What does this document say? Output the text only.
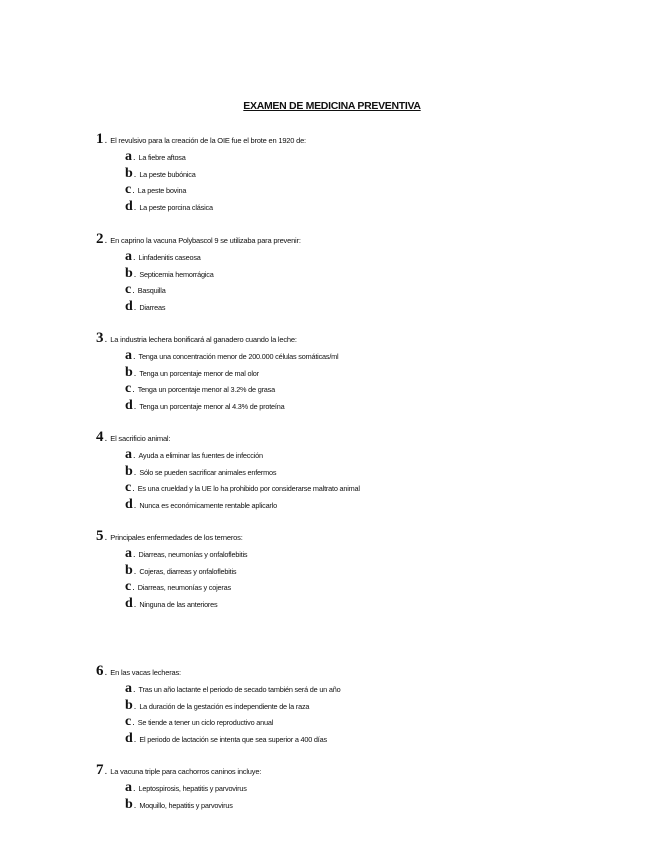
EXAMEN DE MEDICINA PREVENTIVA
1 . El revulsivo para la creación de la OIE fue el brote en 1920 de:
a . La fiebre aftosa
b . La peste bubónica
c . La peste bovina
d . La peste porcina clásica
2 . En caprino la vacuna Polybascol 9 se utilizaba para prevenir:
a . Linfadenitis caseosa
b . Septicemia hemorrágica
c . Basquilla
d . Diarreas
3 . La industria lechera bonificará al ganadero cuando la leche:
a . Tenga una concentración menor de 200.000 células somáticas/ml
b . Tenga un porcentaje menor de mal olor
c . Tenga un porcentaje menor al 3.2% de grasa
d . Tenga un porcentaje menor al 4.3% de proteína
4 . El sacrificio animal:
a . Ayuda a eliminar las fuentes de infección
b . Sólo se pueden sacrificar animales enfermos
c . Es una crueldad y la UE lo ha prohibido por considerarse maltrato animal
d . Nunca es económicamente rentable aplicarlo
5 . Principales enfermedades de los terneros:
a . Diarreas, neumonías y onfaloflebitis
b . Cojeras, diarreas y onfaloflebitis
c . Diarreas, neumonías y cojeras
d . Ninguna de las anteriores
6 . En las vacas lecheras:
a . Tras un año lactante el periodo de secado también será de un año
b . La duración de la gestación es independiente de la raza
c . Se tiende a tener un ciclo reproductivo anual
d . El periodo de lactación se intenta que sea superior a 400 días
7 . La vacuna triple para cachorros caninos incluye:
a . Leptospirosis, hepatitis y parvovirus
b . Moquillo, hepatitis y parvovirus
